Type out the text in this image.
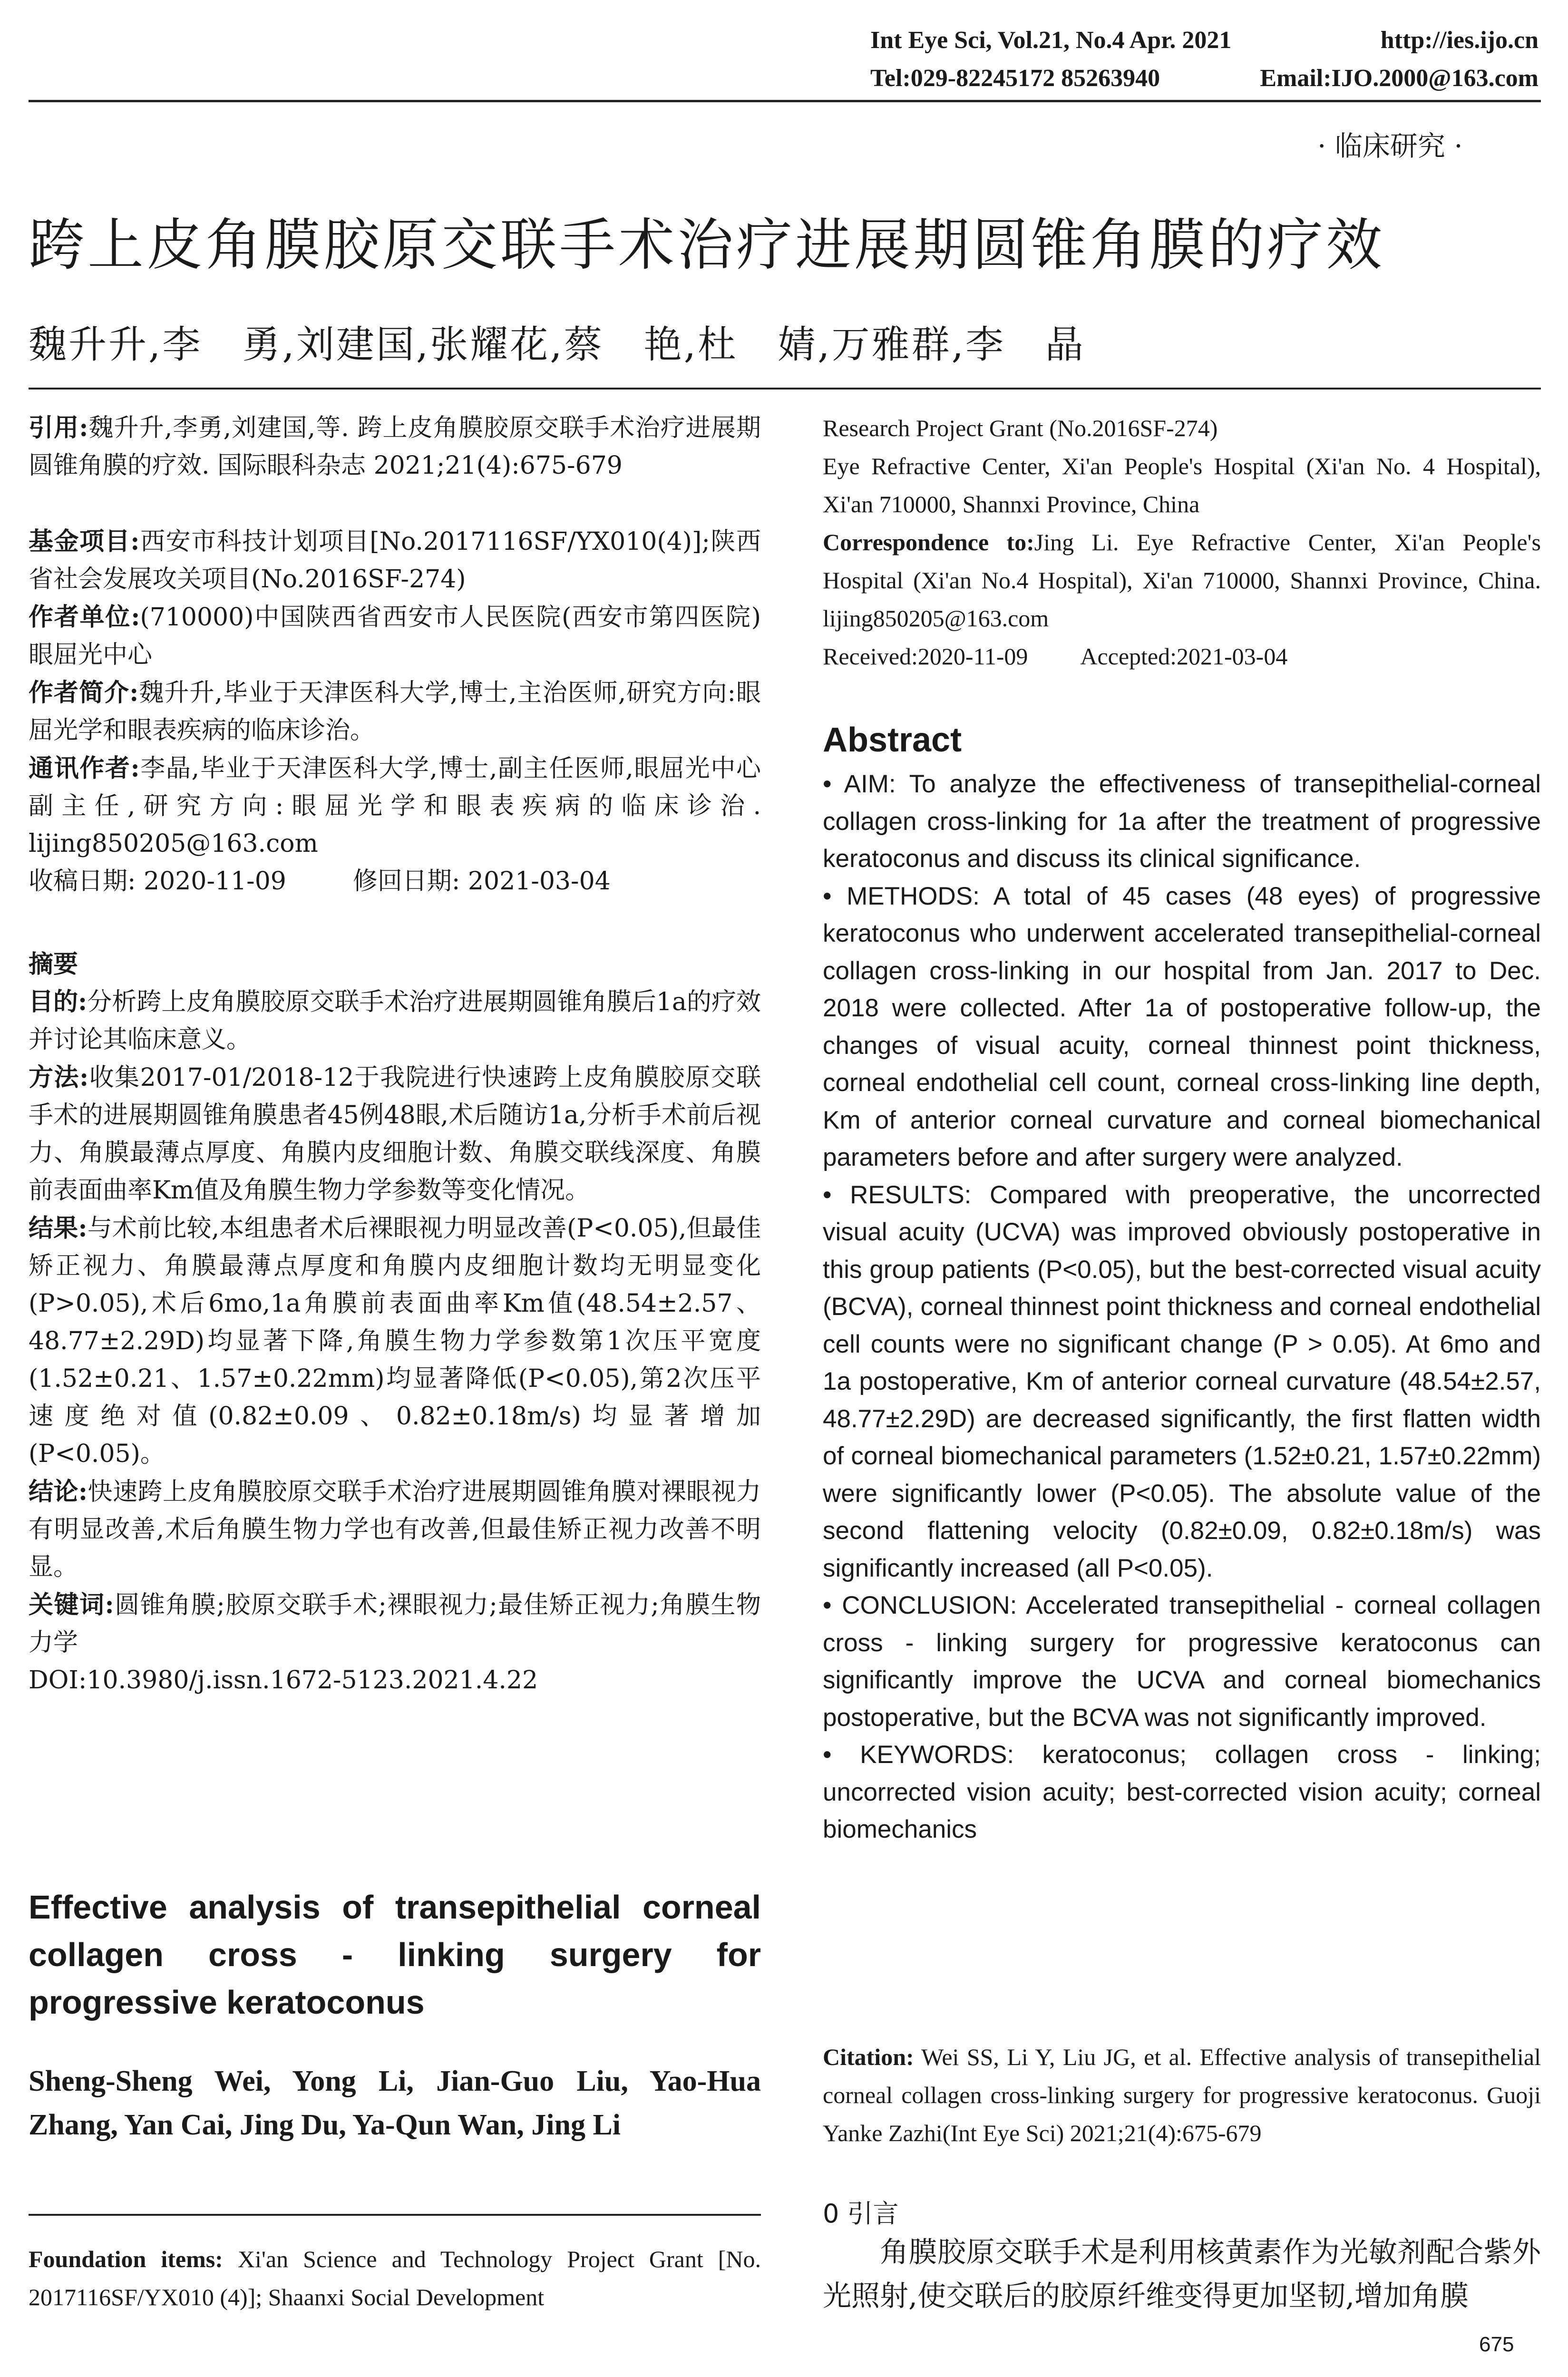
Int Eye Sci, Vol.21, No.4 Apr. 2021	http://ies.ijo.cn
Tel:029-82245172 85263940	Email:IJO.2000@163.com
· 临床研究 ·
跨上皮角膜胶原交联手术治疗进展期圆锥角膜的疗效
魏升升,李　勇,刘建国,张耀花,蔡　艳,杜　婧,万雅群,李　晶

引用:魏升升,李勇,刘建国,等. 跨上皮角膜胶原交联手术治疗进展期圆锥角膜的疗效. 国际眼科杂志 2021;21(4):675-679

基金项目:西安市科技计划项目[No.2017116SF/YX010(4)];陕西省社会发展攻关项目(No.2016SF-274)

作者单位:(710000)中国陕西省西安市人民医院(西安市第四医院)眼屈光中心

作者简介:魏升升,毕业于天津医科大学,博士,主治医师,研究方向:眼屈光学和眼表疾病的临床诊治。

通讯作者:李晶,毕业于天津医科大学,博士,副主任医师,眼屈光中心副主任,研究方向:眼屈光学和眼表疾病的临床诊治. lijing850205@163.com

收稿日期: 2020-11-09	修回日期: 2021-03-04

摘要

目的:分析跨上皮角膜胶原交联手术治疗进展期圆锥角膜后1a的疗效并讨论其临床意义。

方法:收集2017-01/2018-12于我院进行快速跨上皮角膜胶原交联手术的进展期圆锥角膜患者45例48眼,术后随访1a,分析手术前后视力、角膜最薄点厚度、角膜内皮细胞计数、角膜交联线深度、角膜前表面曲率Km值及角膜生物力学参数等变化情况。

结果:与术前比较,本组患者术后裸眼视力明显改善(P<0.05),但最佳矫正视力、角膜最薄点厚度和角膜内皮细胞计数均无明显变化(P>0.05),术后6mo,1a角膜前表面曲率Km值(48.54±2.57、48.77±2.29D)均显著下降,角膜生物力学参数第1次压平宽度(1.52±0.21、1.57±0.22mm)均显著降低(P<0.05),第2次压平速度绝对值(0.82±0.09、0.82±0.18m/s)均显著增加(P<0.05)。

结论:快速跨上皮角膜胶原交联手术治疗进展期圆锥角膜对裸眼视力有明显改善,术后角膜生物力学也有改善,但最佳矫正视力改善不明显。

关键词:圆锥角膜;胶原交联手术;裸眼视力;最佳矫正视力;角膜生物力学

DOI:10.3980/j.issn.1672-5123.2021.4.22

Effective analysis of transepithelial corneal collagen cross - linking surgery for progressive keratoconus
Sheng-Sheng Wei, Yong Li, Jian-Guo Liu, Yao-Hua Zhang, Yan Cai, Jing Du, Ya-Qun Wan, Jing Li

Foundation items: Xi'an Science and Technology Project Grant [No. 2017116SF/YX010 (4)]; Shaanxi Social Development

Research Project Grant (No.2016SF-274)

Eye Refractive Center, Xi'an People's Hospital (Xi'an No. 4 Hospital), Xi'an 710000, Shannxi Province, China

Correspondence to:Jing Li. Eye Refractive Center, Xi'an People's Hospital (Xi'an No.4 Hospital), Xi'an 710000, Shannxi Province, China. lijing850205@163.com

Received:2020-11-09 Accepted:2021-03-04

Abstract

• AIM: To analyze the effectiveness of transepithelial-corneal collagen cross-linking for 1a after the treatment of progressive keratoconus and discuss its clinical significance.

• METHODS: A total of 45 cases (48 eyes) of progressive keratoconus who underwent accelerated transepithelial-corneal collagen cross-linking in our hospital from Jan. 2017 to Dec. 2018 were collected. After 1a of postoperative follow-up, the changes of visual acuity, corneal thinnest point thickness, corneal endothelial cell count, corneal cross-linking line depth, Km of anterior corneal curvature and corneal biomechanical parameters before and after surgery were analyzed.

• RESULTS: Compared with preoperative, the uncorrected visual acuity (UCVA) was improved obviously postoperative in this group patients (P<0.05), but the best-corrected visual acuity (BCVA), corneal thinnest point thickness and corneal endothelial cell counts were no significant change (P > 0.05). At 6mo and 1a postoperative, Km of anterior corneal curvature (48.54±2.57, 48.77±2.29D) are decreased significantly, the first flatten width of corneal biomechanical parameters (1.52±0.21, 1.57±0.22mm) were significantly lower (P<0.05). The absolute value of the second flattening velocity (0.82±0.09, 0.82±0.18m/s) was significantly increased (all P<0.05).

• CONCLUSION: Accelerated transepithelial - corneal collagen cross - linking surgery for progressive keratoconus can significantly improve the UCVA and corneal biomechanics postoperative, but the BCVA was not significantly improved.

• KEYWORDS: keratoconus; collagen cross - linking; uncorrected vision acuity; best-corrected vision acuity; corneal biomechanics

Citation: Wei SS, Li Y, Liu JG, et al. Effective analysis of transepithelial corneal collagen cross-linking surgery for progressive keratoconus. Guoji Yanke Zazhi(Int Eye Sci) 2021;21(4):675-679

0 引言
角膜胶原交联手术是利用核黄素作为光敏剂配合紫外光照射,使交联后的胶原纤维变得更加坚韧,增加角膜
675
